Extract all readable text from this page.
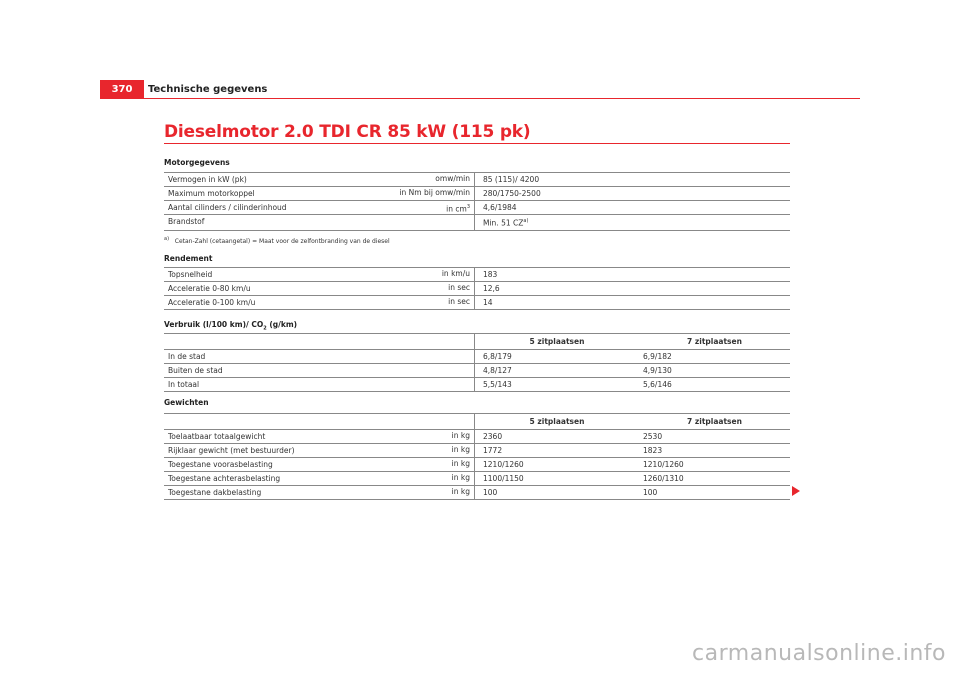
370	Technische gegevens
Dieselmotor 2.0 TDI CR 85 kW (115 pk)
Motorgegevens
Vermogen in kW (pk) omw/min	85 (115)/ 4200
Maximum motorkoppel in Nm bij omw/min	280/1750-2500
Aantal cilinders / cilinderinhoud in $cm^3$	4,6/1984
Brandstof	Min. 51 CZ$^{a)}$
$^{a)}$ Cetan-Zahl (cetaangetal) = Maat voor de zelfontbranding van de diesel
Rendement
Topsnelheid in km/u	183
Acceleratie 0-80 km/u in sec	12,6
Acceleratie 0-100 km/u in sec	14
Verbruik (l/100 km)/ $CO_2$ (g/km)
	5 zitplaatsen	7 zitplaatsen
In de stad	6,8/179	6,9/182
Buiten de stad	4,8/127	4,9/130
In totaal	5,5/143	5,6/146
Gewichten
	5 zitplaatsen	7 zitplaatsen
Toelaatbaar totaalgewicht in kg	2360	2530
Rijklaar gewicht (met bestuurder) in kg	1772	1823
Toegestane voorasbelasting in kg	1210/1260	1210/1260
Toegestane achterasbelasting in kg	1100/1150	1260/1310
Toegestane dakbelasting in kg	100	100
carmanualsonline.info
